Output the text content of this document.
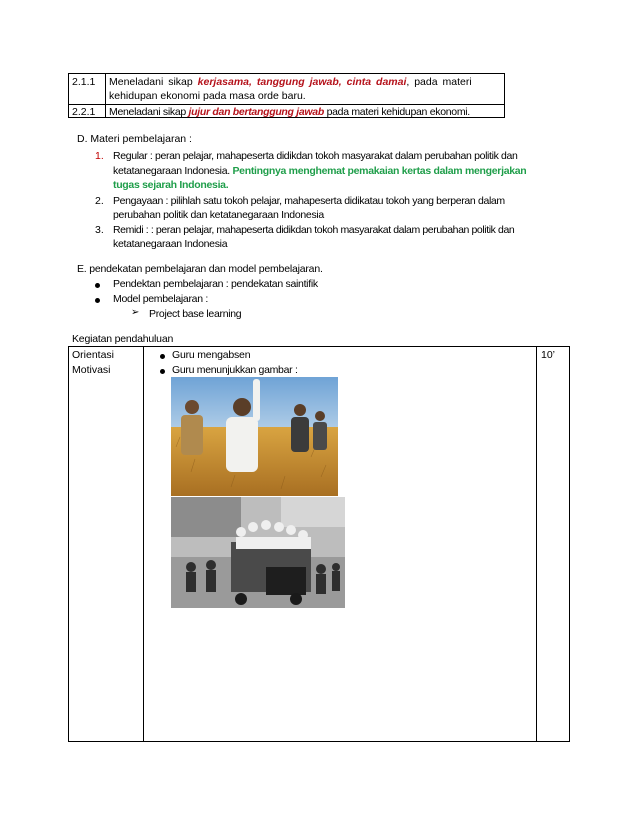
2.1.1 Meneladani sikap kerjasama, tanggung jawab, cinta damai, pada materi
kehidupan ekonomi pada masa orde baru.
2.2.1 Meneladani sikap jujur dan bertanggung jawab pada materi kehidupan ekonomi.
D. Materi pembelajaran :
1. Regular : peran pelajar, mahapeserta didikdan tokoh masyarakat dalam perubahan politik dan
ketatanegaraan Indonesia. Pentingnya menghemat pemakaian kertas dalam mengerjakan
tugas sejarah Indonesia.
2. Pengayaan : pilihlah satu tokoh pelajar, mahapeserta didikatau tokoh yang berperan dalam
perubahan politik dan ketatanegaraan Indonesia
3. Remidi : : peran pelajar, mahapeserta didikdan tokoh masyarakat dalam perubahan politik dan
ketatanegaraan Indonesia
E. pendekatan pembelajaran dan model pembelajaran.
Pendektan pembelajaran : pendekatan saintifik
Model pembelajaran :
➢ Project base learning
Kegiatan pendahuluan
Orientasi
Motivasi
Guru mengabsen
Guru menunjukkan gambar :
10’
